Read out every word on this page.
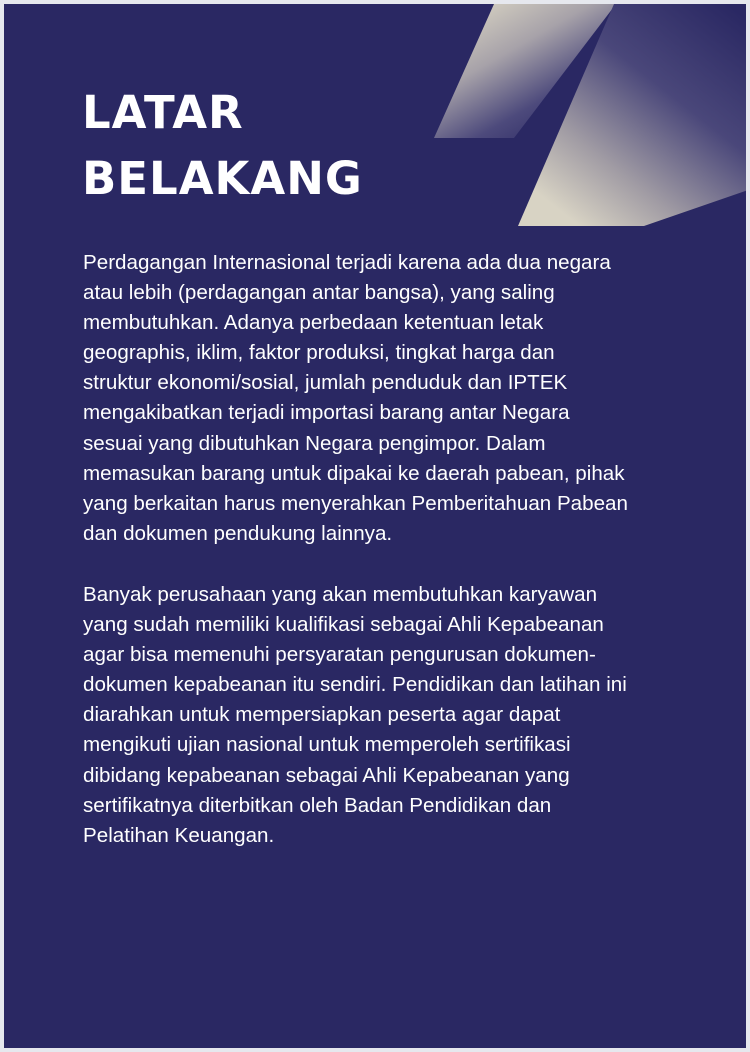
LATAR
BELAKANG

Perdagangan Internasional terjadi karena ada dua negara
atau lebih (perdagangan antar bangsa), yang saling
membutuhkan. Adanya perbedaan ketentuan letak
geographis, iklim, faktor produksi, tingkat harga dan
struktur ekonomi/sosial, jumlah penduduk dan IPTEK
mengakibatkan terjadi importasi barang antar Negara
sesuai yang dibutuhkan Negara pengimpor. Dalam
memasukan barang untuk dipakai ke daerah pabean, pihak
yang berkaitan harus menyerahkan Pemberitahuan Pabean
dan dokumen pendukung lainnya.

Banyak perusahaan yang akan membutuhkan karyawan
yang sudah memiliki kualifikasi sebagai Ahli Kepabeanan
agar bisa memenuhi persyaratan pengurusan dokumen-
dokumen kepabeanan itu sendiri. Pendidikan dan latihan ini
diarahkan untuk mempersiapkan peserta agar dapat
mengikuti ujian nasional untuk memperoleh sertifikasi
dibidang kepabeanan sebagai Ahli Kepabeanan yang
sertifikatnya diterbitkan oleh Badan Pendidikan dan
Pelatihan Keuangan.
